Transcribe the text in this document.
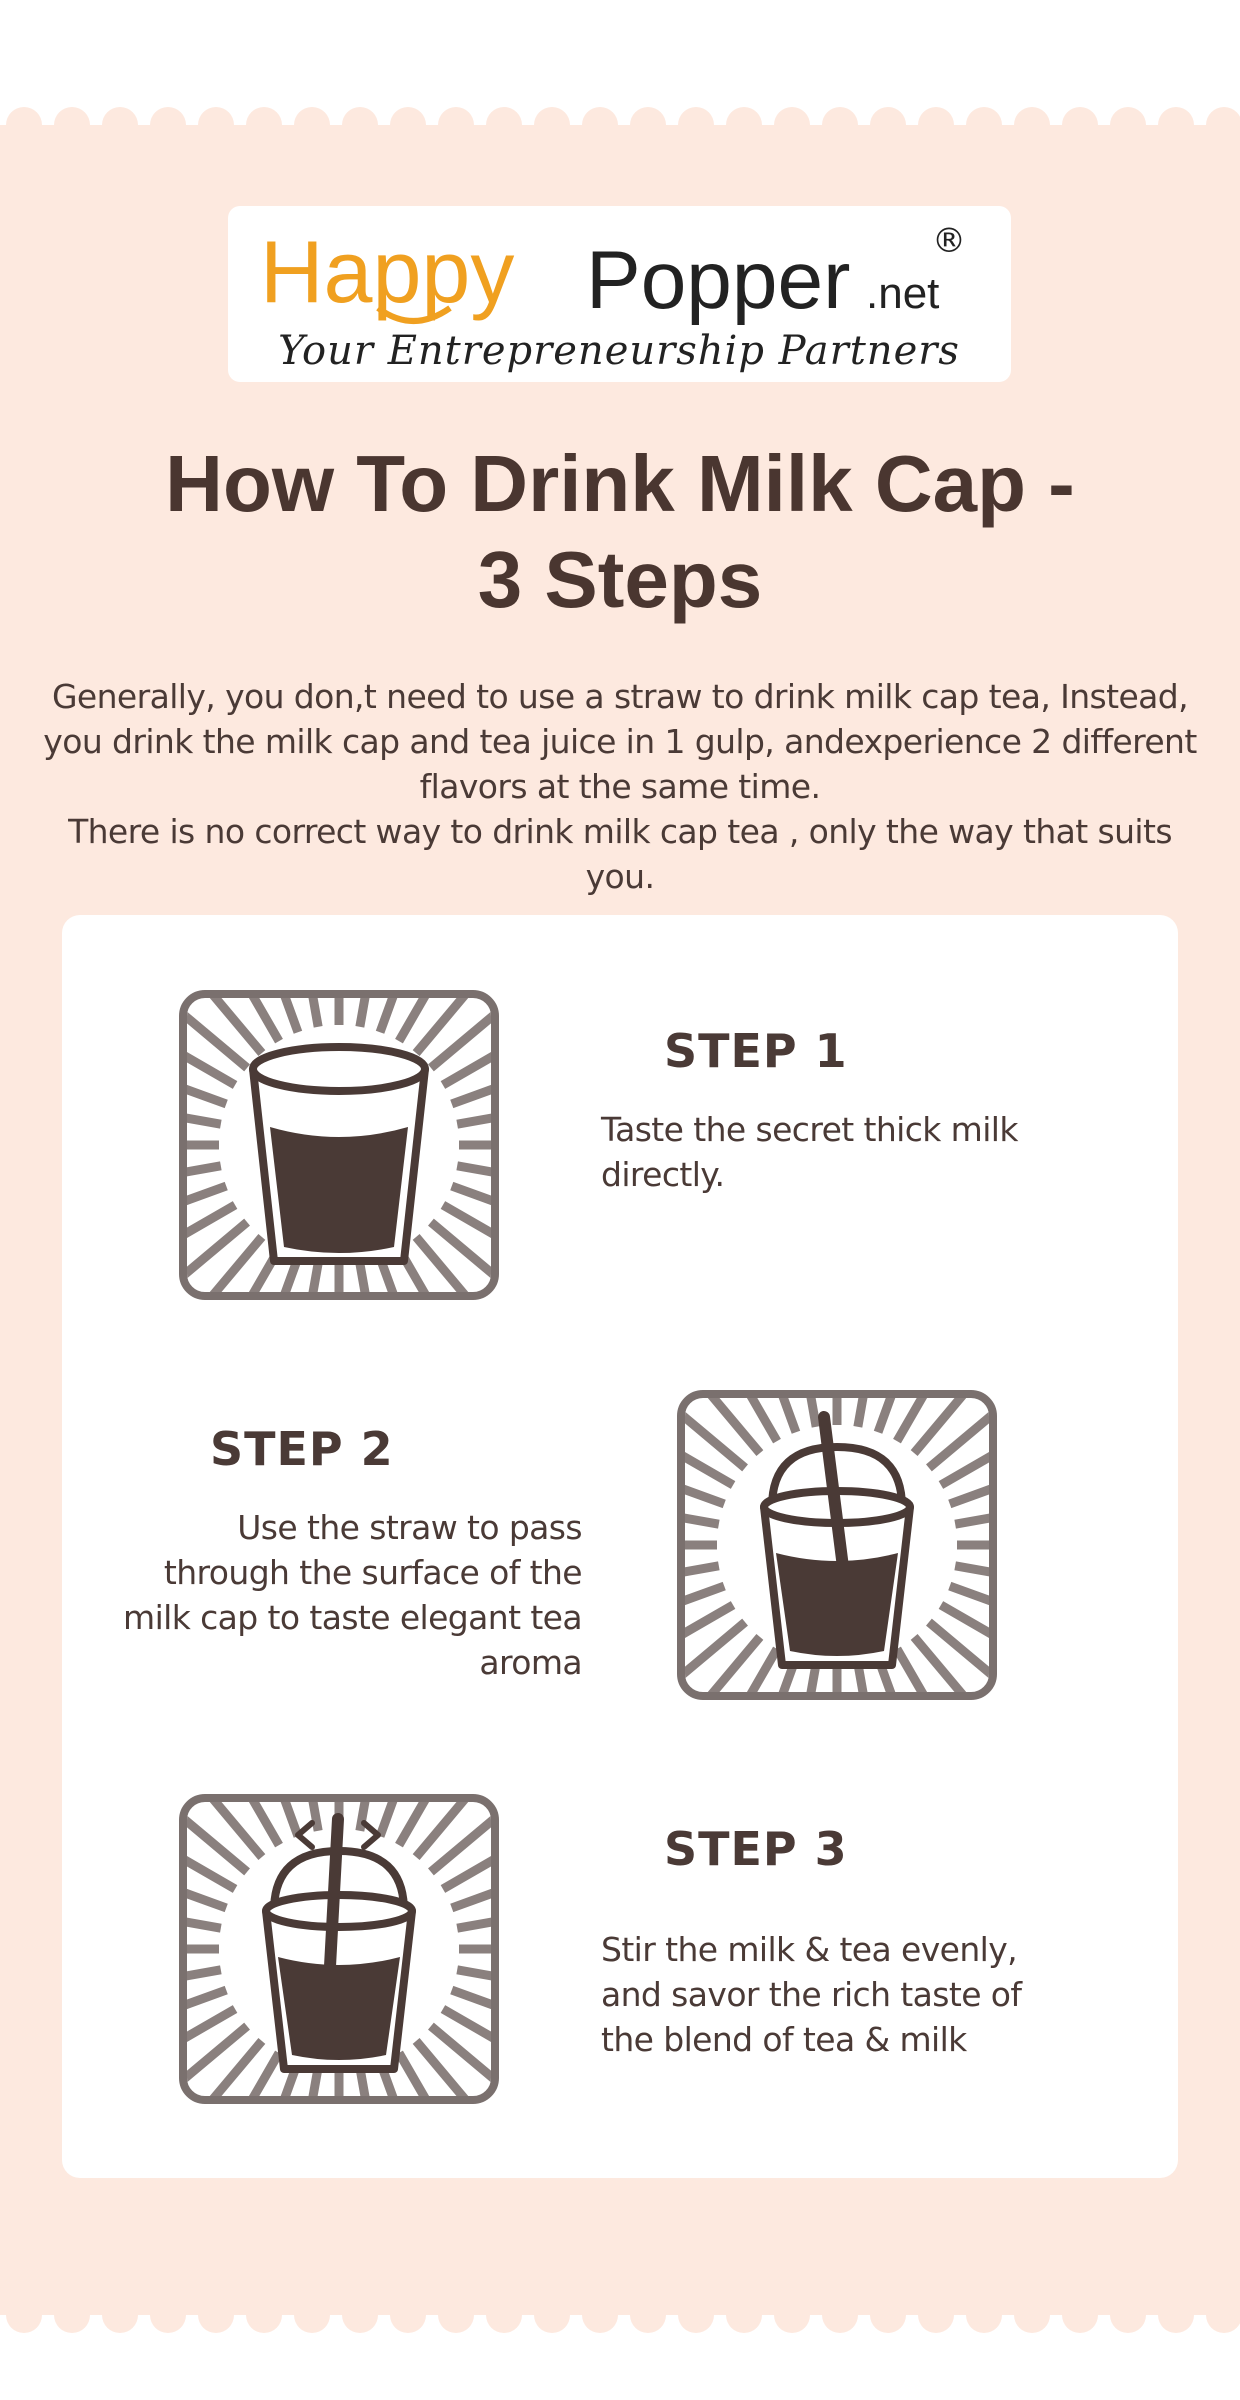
Happy Popper .net
®
Your Entrepreneurship Partners
How To Drink Milk Cap -
3 Steps

Generally, you don,t need to use a straw to drink milk cap tea, Instead,
you drink the milk cap and tea juice in 1 gulp, andexperience 2 different
flavors at the same time.
There is no correct way to drink milk cap tea , only the way that suits you.

STEP 1
Taste the secret thick milk
directly.
STEP 2
Use the straw to pass
through the surface of the
milk cap to taste elegant tea
aroma
STEP 3
Stir the milk & tea evenly,
and savor the rich taste of
the blend of tea & milk
